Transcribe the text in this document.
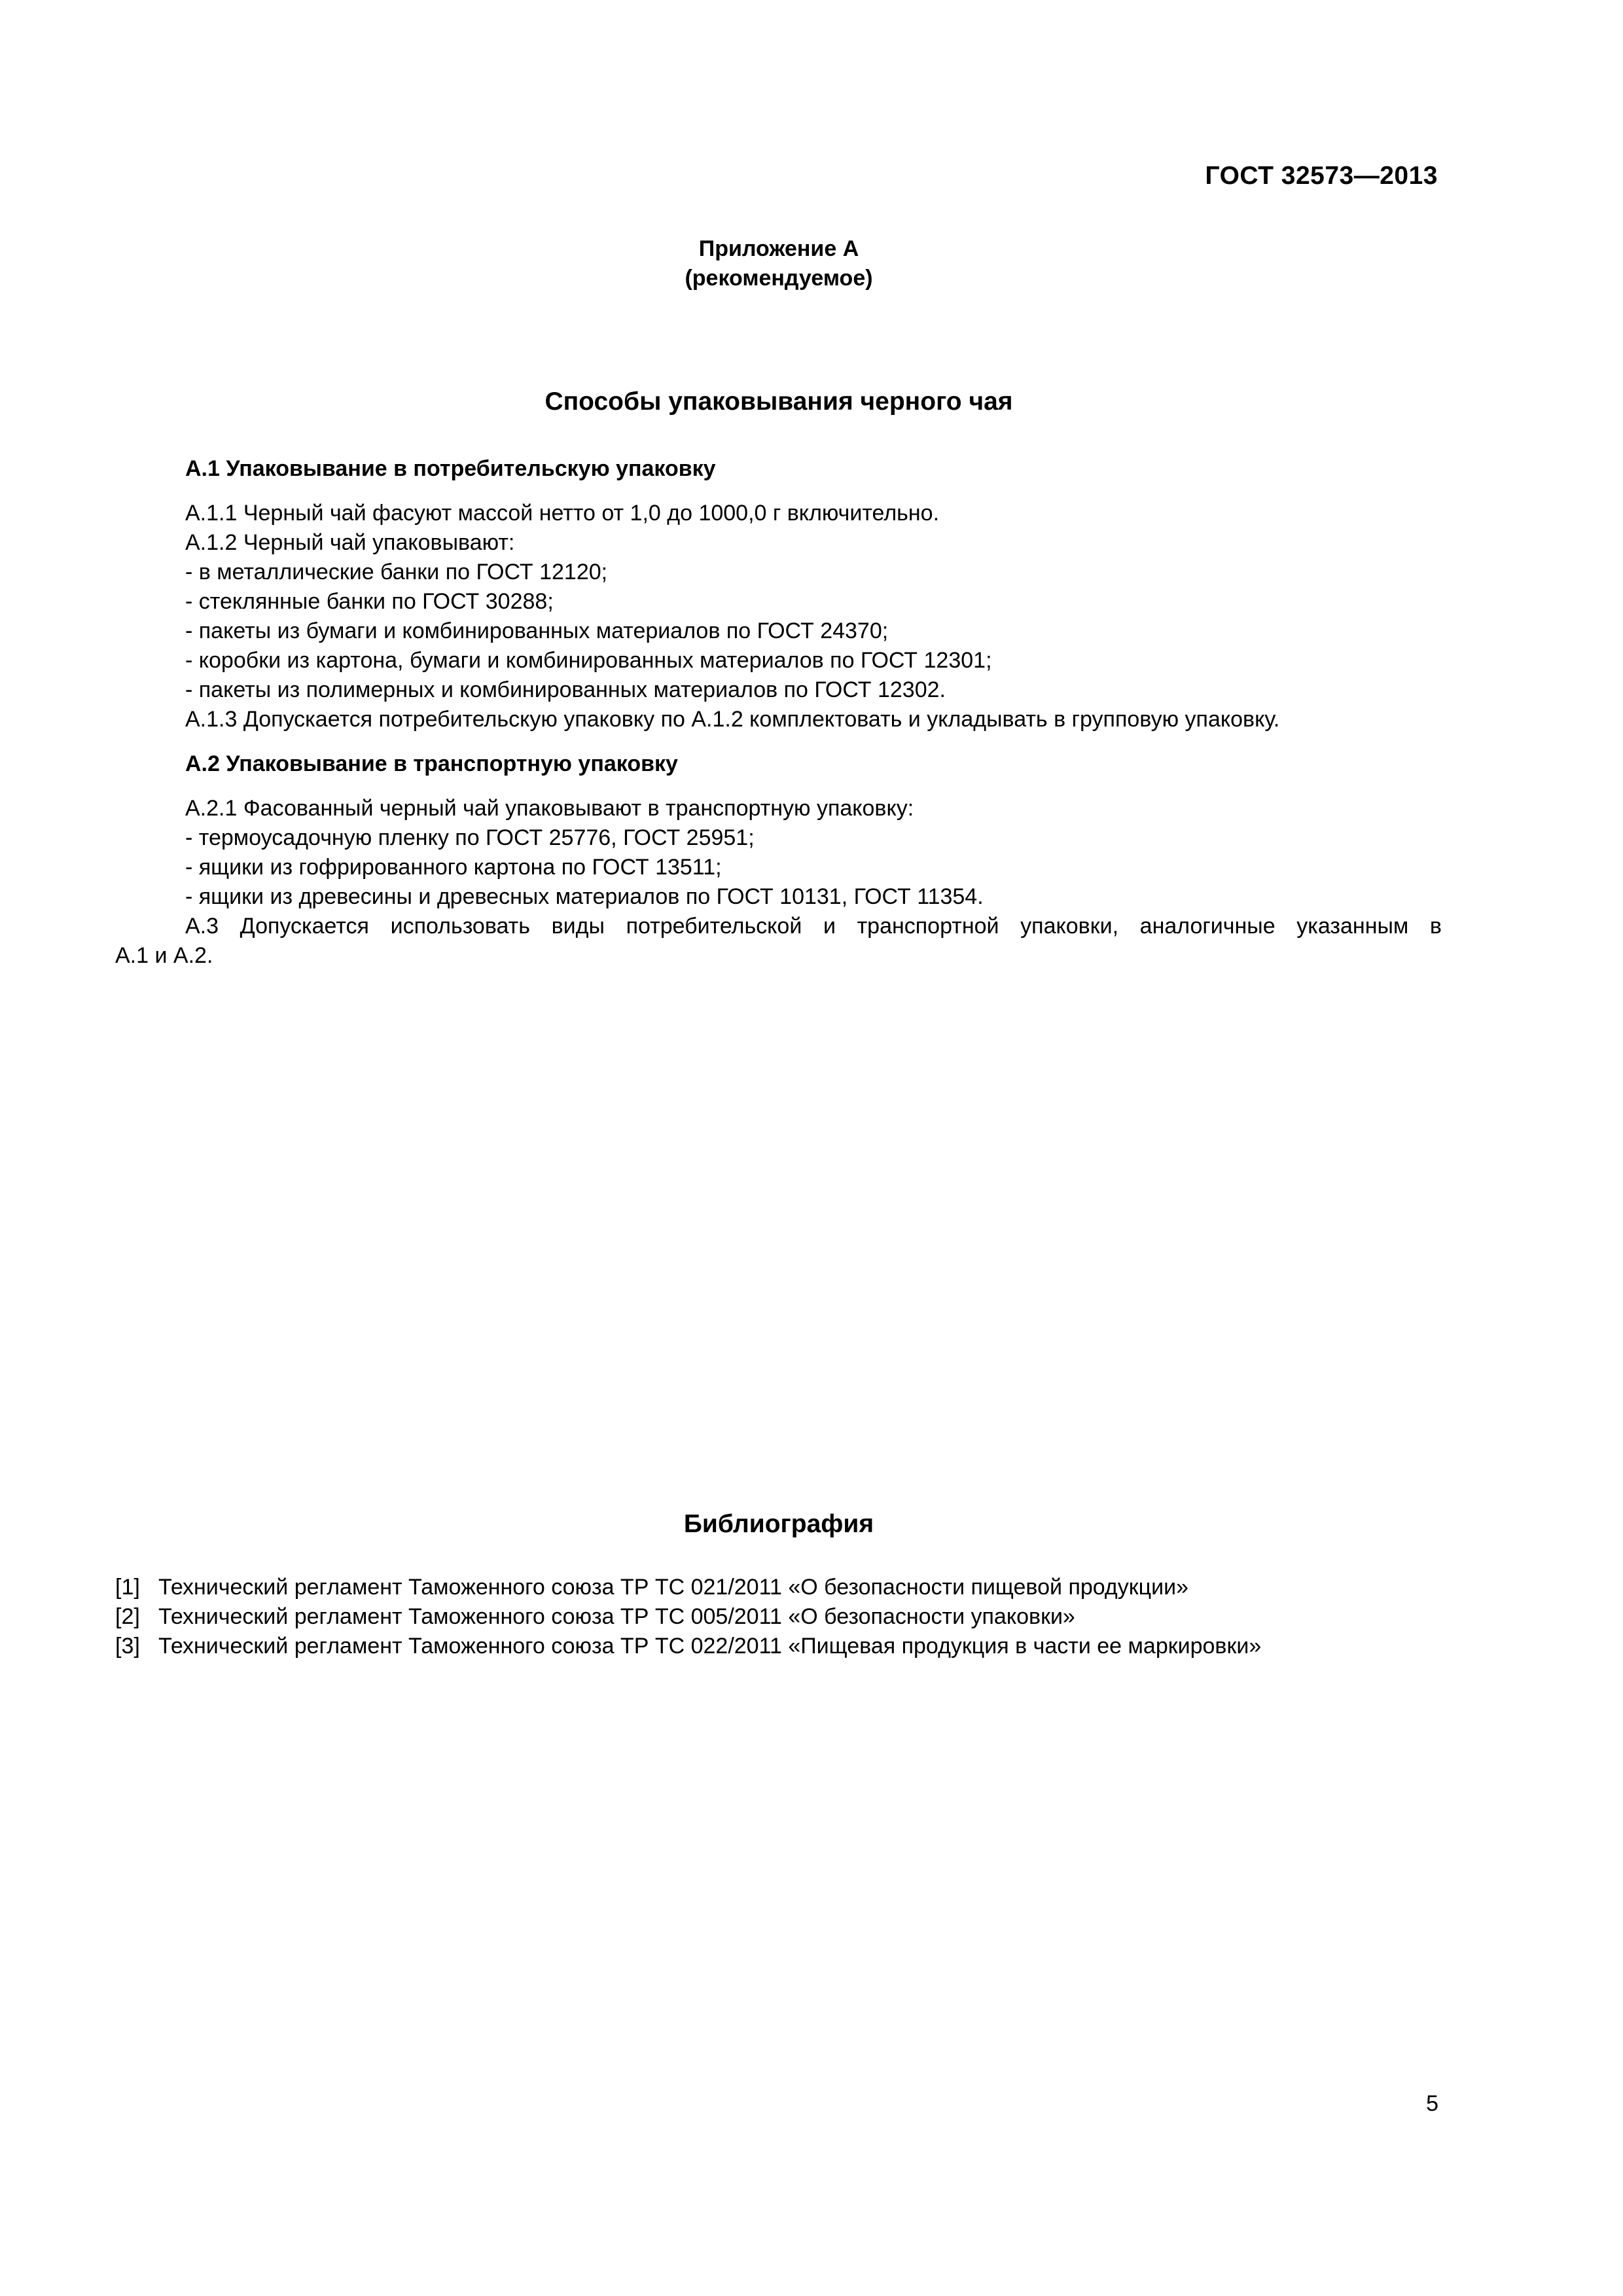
ГОСТ 32573—2013
Приложение А
(рекомендуемое)
Способы упаковывания черного чая
А.1 Упаковывание в потребительскую упаковку
А.1.1 Черный чай фасуют массой нетто от 1,0 до 1000,0 г включительно.
А.1.2 Черный чай упаковывают:
- в металлические банки по ГОСТ 12120;
- стеклянные банки по ГОСТ 30288;
- пакеты из бумаги и комбинированных материалов по ГОСТ 24370;
- коробки из картона, бумаги и комбинированных материалов по ГОСТ 12301;
- пакеты из полимерных и комбинированных материалов по ГОСТ 12302.
А.1.3 Допускается потребительскую упаковку по А.1.2 комплектовать и укладывать в групповую упаковку.
А.2 Упаковывание в транспортную упаковку
А.2.1 Фасованный черный чай упаковывают в транспортную упаковку:
- термоусадочную пленку по ГОСТ 25776, ГОСТ 25951;
- ящики из гофрированного картона по ГОСТ 13511;
- ящики из древесины и древесных материалов по ГОСТ 10131, ГОСТ 11354.
А.3 Допускается использовать виды потребительской и транспортной упаковки, аналогичные указанным в
А.1 и А.2.
Библиография
[1] Технический регламент Таможенного союза ТР ТС 021/2011 «О безопасности пищевой продукции»
[2] Технический регламент Таможенного союза ТР ТС 005/2011 «О безопасности упаковки»
[3] Технический регламент Таможенного союза ТР ТС 022/2011 «Пищевая продукция в части ее маркировки»
5
